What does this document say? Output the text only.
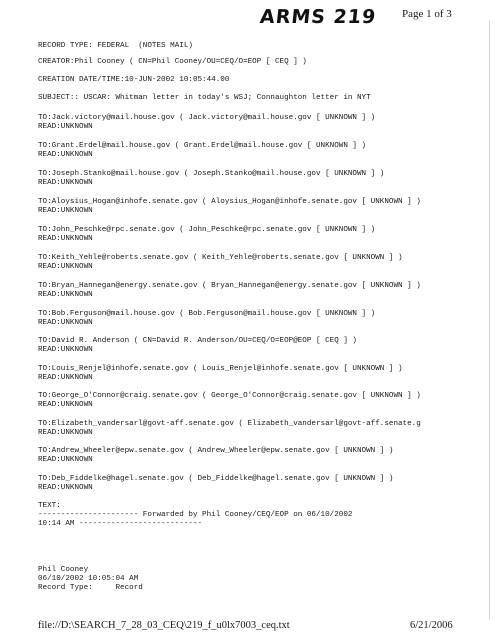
ARMS 219 Page 1 of 3
RECORD TYPE: FEDERAL  (NOTES MAIL)
CREATOR:Phil Cooney ( CN=Phil Cooney/OU=CEQ/O=EOP [ CEQ ] )
CREATION DATE/TIME:10-JUN-2002 10:05:44.00
SUBJECT:: USCAR: Whitman letter in today's WSJ; Connaughton letter in NYT
TO:Jack.victory@mail.house.gov ( Jack.victory@mail.house.gov [ UNKNOWN ] )
READ:UNKNOWN
TO:Grant.Erdel@mail.house.gov ( Grant.Erdel@mail.house.gov [ UNKNOWN ] )
READ:UNKNOWN
TO:Joseph.Stanko@mail.house.gov ( Joseph.Stanko@mail.house.gov [ UNKNOWN ] )
READ:UNKNOWN
TO:Aloysius_Hogan@inhofe.senate.gov ( Aloysius_Hogan@inhofe.senate.gov [ UNKNOWN ] )
READ:UNKNOWN
TO:John_Peschke@rpc.senate.gov ( John_Peschke@rpc.senate.gov [ UNKNOWN ] )
READ:UNKNOWN
TO:Keith_Yehle@roberts.senate.gov ( Keith_Yehle@roberts.senate.gov [ UNKNOWN ] )
READ:UNKNOWN
TO:Bryan_Hannegan@energy.senate.gov ( Bryan_Hannegan@energy.senate.gov [ UNKNOWN ] )
READ:UNKNOWN
TO:Bob.Ferguson@mail.house.gov ( Bob.Ferguson@mail.house.gov [ UNKNOWN ] )
READ:UNKNOWN
TO:David R. Anderson ( CN=David R. Anderson/OU=CEQ/O=EOP@EOP [ CEQ ] )
READ:UNKNOWN
TO:Louis_Renjel@inhofe.senate.gov ( Louis_Renjel@inhofe.senate.gov [ UNKNOWN ] )
READ:UNKNOWN
TO:George_O'Connor@craig.senate.gov ( George_O'Connor@craig.senate.gov [ UNKNOWN ] )
READ:UNKNOWN
TO:Elizabeth_vandersarl@govt-aff.senate.gov ( Elizabeth_vandersarl@govt-aff.senate.g
READ:UNKNOWN
TO:Andrew_Wheeler@epw.senate.gov ( Andrew_Wheeler@epw.senate.gov [ UNKNOWN ] )
READ:UNKNOWN
TO:Deb_Fiddelke@hagel.senate.gov ( Deb_Fiddelke@hagel.senate.gov [ UNKNOWN ] )
READ:UNKNOWN
TEXT:
---------------------- Forwarded by Phil Cooney/CEQ/EOP on 06/10/2002
10:14 AM ---------------------------
Phil Cooney
06/10/2002 10:05:04 AM
Record Type:     Record
file://D:\SEARCH_7_28_03_CEQ\219_f_u0lx7003_ceq.txt	6/21/2006
